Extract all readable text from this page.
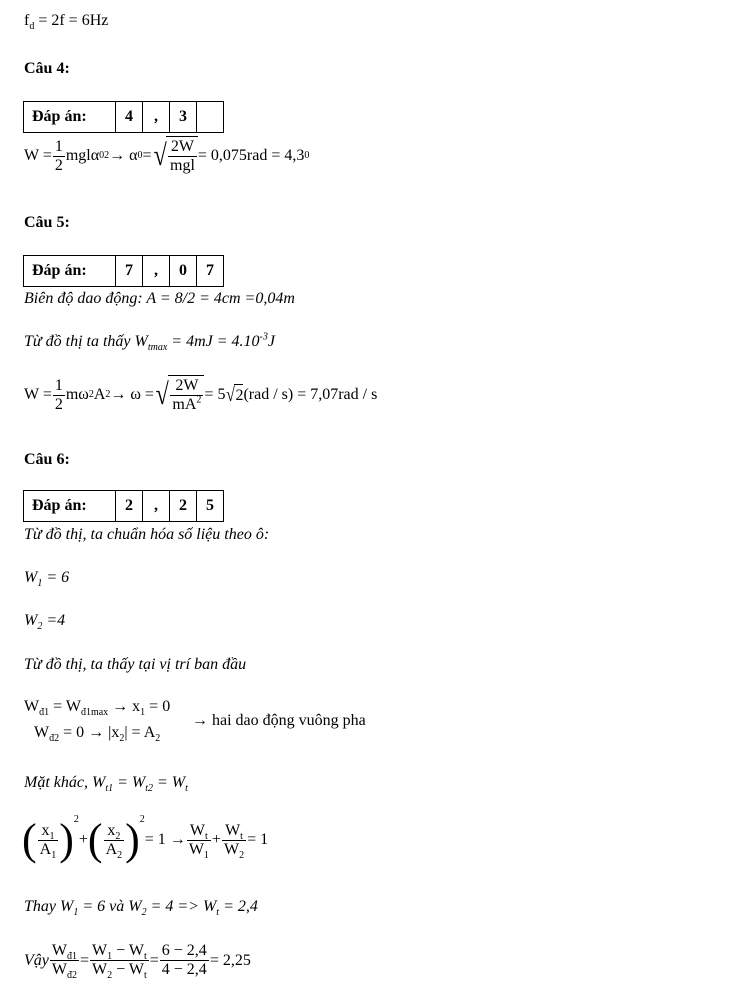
$f_d = 2f = 6Hz$
Câu 4:
Đáp án:	4	,	3	
$W = \frac{1}{2}$ mglα 0 2 → α 0 = √ $\frac{2W}{\text{mgl}} = 0,075rad = 4,3$ 0
Câu 5:
Đáp án:	7	,	0	7
Biên độ dao động: A = 8/2 = 4cm =0,04m
Từ đồ thị ta thấy $W_{tmax} = 4mJ = 4.10^{-3}J$
$W = \frac{1}{2}$ mω 2 A 2 → ω = √ $\frac{2W}{mA^2} = 5$ √ 2 (rad / s) = 7,07rad / s
Câu 6:
Đáp án:	2	,	2	5
Từ đồ thị, ta chuẩn hóa số liệu theo ô:
$W_1 = 6$
$W_2 =4$
Từ đồ thị, ta thấy tại vị trí ban đầu
$W_{đ1} = W_{đ1max} \to x_1 = 0$
$W_{đ2} = 0 \to |x_2| = A_2$
→ hai dao động vuông pha
Mặt khác, $W_{t1} = W_{t2} = W_t$
( $\frac{x_1}{A_1}$ ) 2
+ ( $\frac{x_2}{A_2}$ ) 2
= $1 \to \frac{W_t}{W_1} + \frac{W_t}{W_2} = 1$
Thay $W_1 = 6$ và $W_2 = 4 => W_t = 2,4$
Vậy $\frac{W_{đ1}}{W_{đ2}} = \frac{W_1 - W_t}{W_2 - W_t} = \frac{6 - 2,4}{4 - 2,4} = 2,25$
